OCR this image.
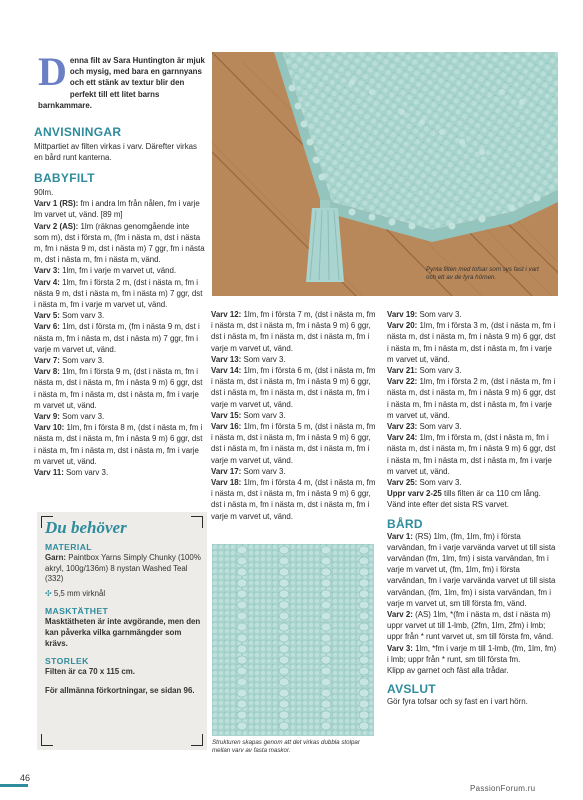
Denna filt av Sara Huntington är mjuk och mysig, med bara en garnnyans och ett stänk av textur blir den perfekt till ett litet barns barnkammare.
ANVISNINGAR
Mittpartiet av filten virkas i varv. Därefter virkas en bård runt kanterna.
BABYFILT
90lm.

Varv 1 (RS): fm i andra lm från nålen, fm i varje lm varvet ut, vänd. [89 m]

Varv 2 (AS): 1lm (räknas genomgående inte som m), dst i första m, (fm i nästa m, dst i nästa m, fm i nästa 9 m, dst i nästa m) 7 ggr, fm i nästa m, dst i nästa m, fm i nästa m, vänd.

Varv 3: 1lm, fm i varje m varvet ut, vänd.

Varv 4: 1lm, fm i första 2 m, (dst i nästa m, fm i nästa 9 m, dst i nästa m, fm i nästa m) 7 ggr, dst i nästa m, fm i varje m varvet ut, vänd.

Varv 5: Som varv 3.

Varv 6: 1lm, dst i första m, (fm i nästa 9 m, dst i nästa m, fm i nästa m, dst i nästa m) 7 ggr, fm i varje m varvet ut, vänd.

Varv 7: Som varv 3.

Varv 8: 1lm, fm i första 9 m, (dst i nästa m, fm i nästa m, dst i nästa m, fm i nästa 9 m) 6 ggr, dst i nästa m, fm i nästa m, dst i nästa m, fm i varje m varvet ut, vänd.

Varv 9: Som varv 3.

Varv 10: 1lm, fm i första 8 m, (dst i nästa m, fm i nästa m, dst i nästa m, fm i nästa 9 m) 6 ggr, dst i nästa m, fm i nästa m, dst i nästa m, fm i varje m varvet ut, vänd.

Varv 11: Som varv 3.

Varv 12: 1lm, fm i första 7 m, (dst i nästa m, fm i nästa m, dst i nästa m, fm i nästa 9 m) 6 ggr, dst i nästa m, fm i nästa m, dst i nästa m, fm i varje m varvet ut, vänd.

Varv 13: Som varv 3.

Varv 14: 1lm, fm i första 6 m, (dst i nästa m, fm i nästa m, dst i nästa m, fm i nästa 9 m) 6 ggr, dst i nästa m, fm i nästa m, dst i nästa m, fm i varje m varvet ut, vänd.

Varv 15: Som varv 3.

Varv 16: 1lm, fm i första 5 m, (dst i nästa m, fm i nästa m, dst i nästa m, fm i nästa 9 m) 6 ggr, dst i nästa m, fm i nästa m, dst i nästa m, fm i varje m varvet ut, vänd.

Varv 17: Som varv 3.

Varv 18: 1lm, fm i första 4 m, (dst i nästa m, fm i nästa m, dst i nästa m, fm i nästa 9 m) 6 ggr, dst i nästa m, fm i nästa m, dst i nästa m, fm i varje m varvet ut, vänd.

Varv 19: Som varv 3.

Varv 20: 1lm, fm i första 3 m, (dst i nästa m, fm i nästa m, dst i nästa m, fm i nästa 9 m) 6 ggr, dst i nästa m, fm i nästa m, dst i nästa m, fm i varje m varvet ut, vänd.

Varv 21: Som varv 3.

Varv 22: 1lm, fm i första 2 m, (dst i nästa m, fm i nästa m, dst i nästa m, fm i nästa 9 m) 6 ggr, dst i nästa m, fm i nästa m, dst i nästa m, fm i varje m varvet ut, vänd.

Varv 23: Som varv 3.

Varv 24: 1lm, fm i första m, (dst i nästa m, fm i nästa m, dst i nästa m, fm i nästa 9 m) 6 ggr, dst i nästa m, fm i nästa m, dst i nästa m, fm i varje m varvet ut, vänd.

Varv 25: Som varv 3.

Uppr varv 2-25 tills filten är ca 110 cm lång. Vänd inte efter det sista RS varvet.

BÅRD

Varv 1: (RS) 1lm, (fm, 1lm, fm) i första varvändan, fm i varje varvända varvet ut till sista varvändan (fm, 1lm, fm) i sista varvändan, fm i varje m varvet ut, (fm, 1lm, fm) i första varvändan, fm i varje varvända varvet ut till sista varvändan, (fm, 1lm, fm) i sista varvändan, fm i varje m varvet ut, sm till första fm, vänd.

Varv 2: (AS) 1lm, *(fm i nästa m, dst i nästa m) uppr varvet ut till 1-lmb, (2fm, 1lm, 2fm) i lmb; uppr från * runt varvet ut, sm till första fm, vänd.

Varv 3: 1lm, *fm i varje m till 1-lmb, (fm, 1lm, fm) i lmb; uppr från * runt, sm till första fm.

Klipp av garnet och fäst alla trådar.

AVSLUT

Gör fyra tofsar och sy fast en i vart hörn.

Pynta filten med tofsar som sys fast i vart och ett av de fyra hörnen.
Strukturen skapas genom att det virkas dubbla stolpar mellan varv av fasta maskor.
Du behöver
MATERIAL
Garn: Paintbox Yarns Simply Chunky (100% akryl, 100g/136m) 8 nystan Washed Teal (332)
✣ 5,5 mm virknål
MASKTÄTHET
Masktätheten är inte avgörande, men den kan påverka vilka garnmängder som krävs.
STORLEK
Filten är ca 70 x 115 cm.
För allmänna förkortningar, se sidan 96.
46
PassionForum.ru
